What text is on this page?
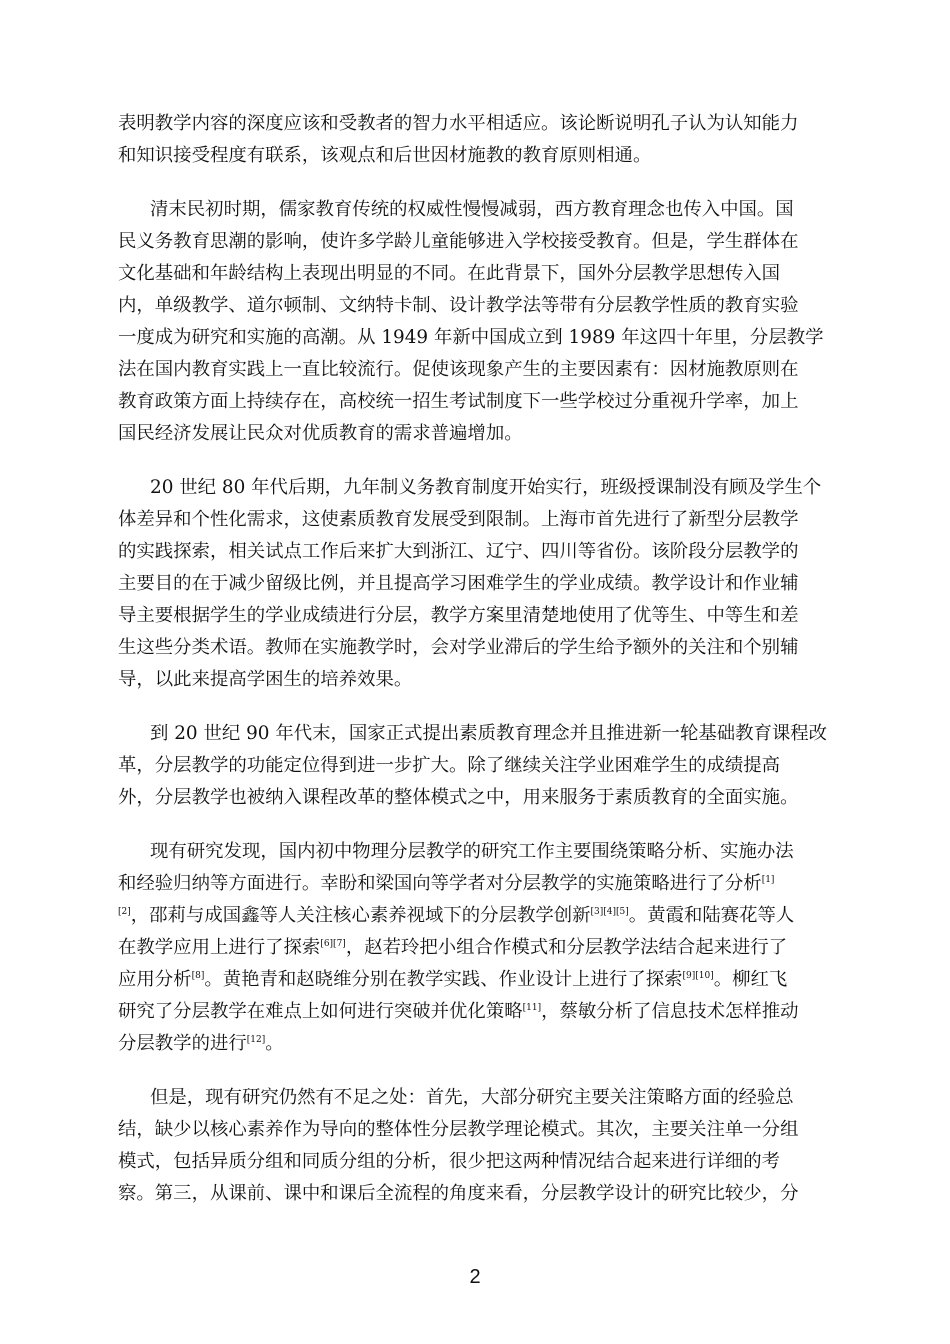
表明教学内容的深度应该和受教者的智力水平相适应。该论断说明孔子认为认知能力
和知识接受程度有联系，该观点和后世因材施教的教育原则相通。
清末民初时期，儒家教育传统的权威性慢慢减弱，西方教育理念也传入中国。国
民义务教育思潮的影响，使许多学龄儿童能够进入学校接受教育。但是，学生群体在
文化基础和年龄结构上表现出明显的不同。在此背景下，国外分层教学思想传入国
内，单级教学、道尔顿制、文纳特卡制、设计教学法等带有分层教学性质的教育实验
一度成为研究和实施的高潮。从 1949 年新中国成立到 1989 年这四十年里，分层教学
法在国内教育实践上一直比较流行。促使该现象产生的主要因素有：因材施教原则在
教育政策方面上持续存在，高校统一招生考试制度下一些学校过分重视升学率，加上
国民经济发展让民众对优质教育的需求普遍增加。
20 世纪 80 年代后期，九年制义务教育制度开始实行，班级授课制没有顾及学生个
体差异和个性化需求，这使素质教育发展受到限制。上海市首先进行了新型分层教学
的实践探索，相关试点工作后来扩大到浙江、辽宁、四川等省份。该阶段分层教学的
主要目的在于减少留级比例，并且提高学习困难学生的学业成绩。教学设计和作业辅
导主要根据学生的学业成绩进行分层，教学方案里清楚地使用了优等生、中等生和差
生这些分类术语。教师在实施教学时，会对学业滞后的学生给予额外的关注和个别辅
导，以此来提高学困生的培养效果。
到 20 世纪 90 年代末，国家正式提出素质教育理念并且推进新一轮基础教育课程改
革，分层教学的功能定位得到进一步扩大。除了继续关注学业困难学生的成绩提高
外，分层教学也被纳入课程改革的整体模式之中，用来服务于素质教育的全面实施。
现有研究发现，国内初中物理分层教学的研究工作主要围绕策略分析、实施办法
和经验归纳等方面进行。幸盼和梁国向等学者对分层教学的实施策略进行了分析[1]
[2]，邵莉与成国鑫等人关注核心素养视域下的分层教学创新[3][4][5]。黄霞和陆赛花等人
在教学应用上进行了探索[6][7]，赵若玲把小组合作模式和分层教学法结合起来进行了
应用分析[8]。黄艳青和赵晓维分别在教学实践、作业设计上进行了探索[9][10]。柳红飞
研究了分层教学在难点上如何进行突破并优化策略[11]，蔡敏分析了信息技术怎样推动
分层教学的进行[12]。
但是，现有研究仍然有不足之处：首先，大部分研究主要关注策略方面的经验总
结，缺少以核心素养作为导向的整体性分层教学理论模式。其次，主要关注单一分组
模式，包括异质分组和同质分组的分析，很少把这两种情况结合起来进行详细的考
察。第三，从课前、课中和课后全流程的角度来看，分层教学设计的研究比较少，分
2
